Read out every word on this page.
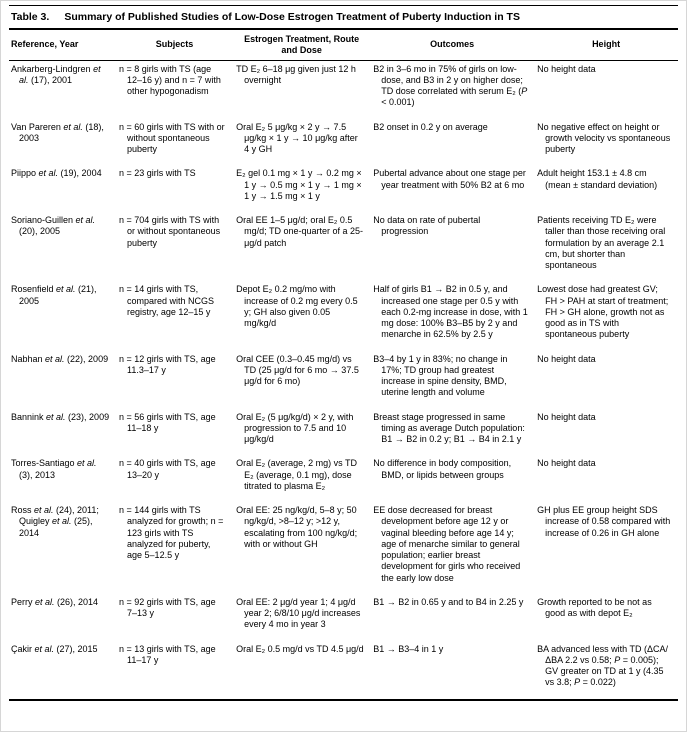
Table 3. Summary of Published Studies of Low-Dose Estrogen Treatment of Puberty Induction in TS
Reference, Year	Subjects	Estrogen Treatment, Route and Dose	Outcomes	Height

Ankarberg-Lindgren et al. (17), 2001	n = 8 girls with TS (age 12–16 y) and n = 7 with other hypogonadism	TD E₂ 6–18 μg given just 12 h overnight	B2 in 3–6 mo in 75% of girls on low-dose, and B3 in 2 y on higher dose; TD dose correlated with serum E₂ (P < 0.001)	No height data

Van Pareren et al. (18), 2003	n = 60 girls with TS with or without spontaneous puberty	Oral E₂ 5 μg/kg × 2 y → 7.5 μg/kg × 1 y → 10 μg/kg after 4 y GH	B2 onset in 0.2 y on average	No negative effect on height or growth velocity vs spontaneous puberty

Piippo et al. (19), 2004	n = 23 girls with TS	E₂ gel 0.1 mg × 1 y → 0.2 mg × 1 y → 0.5 mg × 1 y → 1 mg × 1 y → 1.5 mg × 1 y	Pubertal advance about one stage per year treatment with 50% B2 at 6 mo	Adult height 153.1 ± 4.8 cm (mean ± standard deviation)

Soriano-Guillen et al. (20), 2005	n = 704 girls with TS with or without spontaneous puberty	Oral EE 1–5 μg/d; oral E₂ 0.5 mg/d; TD one-quarter of a 25-μg/d patch	No data on rate of pubertal progression	Patients receiving TD E₂ were taller than those receiving oral formulation by an average 2.1 cm, but shorter than spontaneous

Rosenfield et al. (21), 2005	n = 14 girls with TS, compared with NCGS registry, age 12–15 y	Depot E₂ 0.2 mg/mo with increase of 0.2 mg every 0.5 y; GH also given 0.05 mg/kg/d	Half of girls B1 → B2 in 0.5 y, and increased one stage per 0.5 y with each 0.2-mg increase in dose, with 1 mg dose: 100% B3–B5 by 2 y and menarche in 62.5% by 2.5 y	Lowest dose had greatest GV; FH > PAH at start of treatment; FH > GH alone, growth not as good as in TS with spontaneous puberty

Nabhan et al. (22), 2009	n = 12 girls with TS, age 11.3–17 y	Oral CEE (0.3–0.45 mg/d) vs TD (25 μg/d for 6 mo → 37.5 μg/d for 6 mo)	B3–4 by 1 y in 83%; no change in 17%; TD group had greatest increase in spine density, BMD, uterine length and volume	No height data

Bannink et al. (23), 2009	n = 56 girls with TS, age 11–18 y	Oral E₂ (5 μg/kg/d) × 2 y, with progression to 7.5 and 10 μg/kg/d	Breast stage progressed in same timing as average Dutch population: B1 → B2 in 0.2 y; B1 → B4 in 2.1 y	No height data

Torres-Santiago et al. (3), 2013	n = 40 girls with TS, age 13–20 y	Oral E₂ (average, 2 mg) vs TD E₂ (average, 0.1 mg), dose titrated to plasma E₂	No difference in body composition, BMD, or lipids between groups	No height data

Ross et al. (24), 2011; Quigley et al. (25), 2014	n = 144 girls with TS analyzed for growth; n = 123 girls with TS analyzed for puberty, age 5–12.5 y	Oral EE: 25 ng/kg/d, 5–8 y; 50 ng/kg/d, >8–12 y; >12 y, escalating from 100 ng/kg/d; with or without GH	EE dose decreased for breast development before age 12 y or vaginal bleeding before age 14 y; age of menarche similar to general population; earlier breast development for girls who received the early low dose	GH plus EE group height SDS increase of 0.58 compared with increase of 0.26 in GH alone

Perry et al. (26), 2014	n = 92 girls with TS, age 7–13 y	Oral EE: 2 μg/d year 1; 4 μg/d year 2; 6/8/10 μg/d increases every 4 mo in year 3	B1 → B2 in 0.65 y and to B4 in 2.25 y	Growth reported to be not as good as with depot E₂

Çakir et al. (27), 2015	n = 13 girls with TS, age 11–17 y	Oral E₂ 0.5 mg/d vs TD 4.5 μg/d	B1 → B3–4 in 1 y	BA advanced less with TD (ΔCA/ΔBA 2.2 vs 0.58; P = 0.005); GV greater on TD at 1 y (4.35 vs 3.8; P = 0.022)
